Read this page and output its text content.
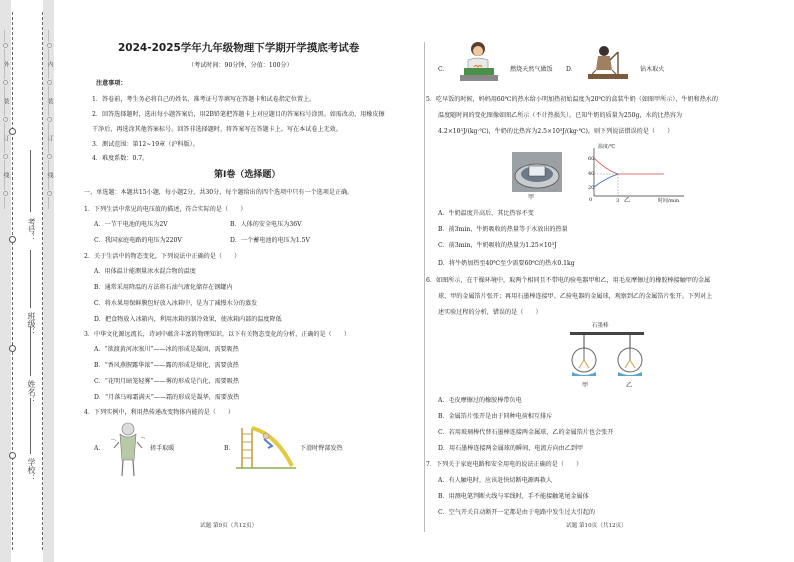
……○……外……○……装……○……订……○……线……○……	……○……内……○……装……○……订……○……线……○……
考号：
班级：
姓名：
学校：
2024-2025学年九年级物理下学期开学摸底考试卷
（考试时间：90分钟，分值：100分）
注意事项：
1．答卷前，考生务必将自己的姓名、准考证号等填写在答题卡和试卷指定位置上。
2．回答选择题时，选出每小题答案后，用2B铅笔把答题卡上对应题目的答案标号涂黑。如需改动，用橡皮擦
干净后，再选涂其他答案标号。回答非选择题时，将答案写在答题卡上。写在本试卷上无效。
3．测试范围：第12~19章（沪科版）。
4．难度系数：0.7。
第Ⅰ卷（选择题）
一、单选题：本题共15小题，每小题2分，共30分，每个题给出的四个选项中只有一个选项是正确。
1．下列生活中常见的电压值的描述，符合实际的是（　　）
A．一节干电池的电压为2V	B．人体的安全电压为36V
C．我国家庭电路的电压为220V	D．一个蓄电池的电压为1.5V
2．关于生活中的物态变化，下列说法中正确的是（　　）
A．用体温计能测量冰水混合物的温度
B．通常采用降温的方法将石油气液化储存在钢罐内
C．将水果用保鲜膜包好放入冰箱中，是为了减慢水分的蒸发
D．把食物放入冰箱内，利用冰箱的制冷效果，使冰箱内部的温度降低
3．中华文化源远流长，诗词中蕴含丰富的物理知识，以下有关物态变化的分析，正确的是（　　）
A．“欲渡黄河冰塞川”——冰的形成是凝固，需要吸热
B．“香风燕腥露华浓”——露的形成是熔化，需要放热
C．“花明月暗笼轻雾”——雾的形成是汽化，需要吸热
D．“月落乌啼霜满天”——霜的形成是凝华，需要放热
4．下列实例中，利用热传递改变物体内能的是（　　）
A．	搓手取暖	B．	下滑时臀部发热
试题 第9页（共12页）
C．	燃烧天然气做饭 D．	钻木取火
5．吃早饭的时候，妈妈用60℃的热水给小明加热初始温度为20℃的盒装牛奶（如图甲所示），牛奶和热水的
温度随时间的变化图像如图乙所示（不计热损失）。已知牛奶的质量为250g，水的比热容为
4.2×10³J/(kg·℃)，牛奶的比热容为2.5×10³J/(kg·℃)，则下列说法错误的是（　　）
甲
温度/℃
60
40
20
0	3	时间/min
乙
A．牛奶温度升高后，其比热容不变
B．前3min，牛奶吸收的热量等于水放出的热量
C．前3min，牛奶吸收的热量为1.25×10³J
D．将牛奶加热至40℃至少需要60℃的热水0.1kg
6．如图所示，在干燥环境中，取两个相同且不带电的验电器甲和乙，用毛皮摩擦过的橡胶棒接触甲的金属
球，甲的金属箔片张开；再用石墨棒连接甲、乙验电器的金属球，观察到乙的金属箔片张开。下列对上
述实验过程的分析，错误的是（　　）
石墨棒
甲	乙
A．毛皮摩擦过的橡胶棒带负电
B．金属箔片张开是由于同种电荷相互排斥
C．若用玻璃棒代替石墨棒连接两金属球，乙的金属箔片也会张开
D．用石墨棒连接两金属球的瞬间，电流方向由乙到甲
7．下列关于家庭电路和安全用电的说法正确的是（　　）
A．有人触电时，应该赶快切断电源再救人
B．用测电笔判断火线与零线时，手不能接触笔尾金属体
C．空气开关自动断开一定都是由于电路中发生过大引起的
试题 第10页（共12页）
